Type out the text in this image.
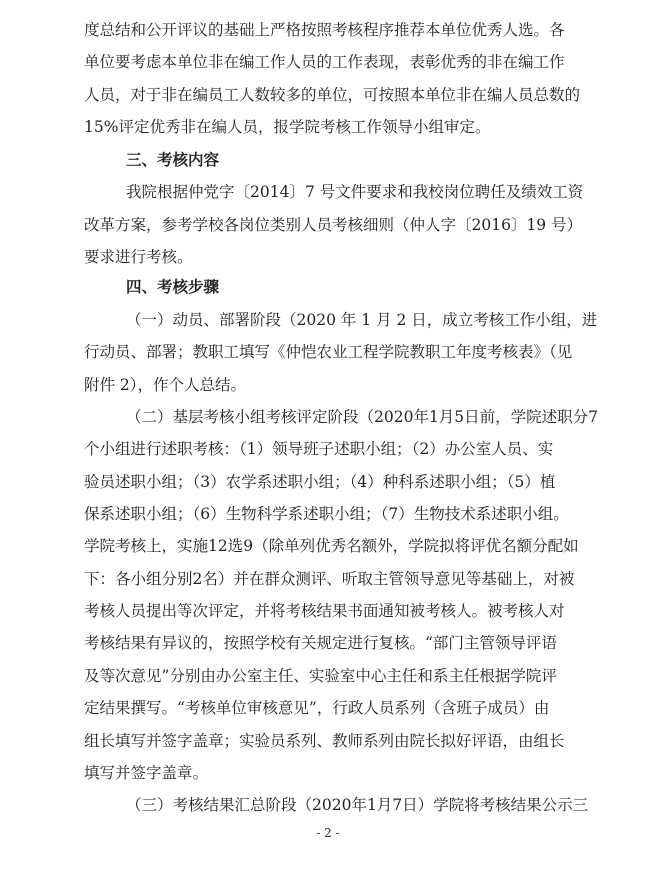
度总结和公开评议的基础上严格按照考核程序推荐本单位优秀人选。各
单位要考虑本单位非在编工作人员的工作表现，表彰优秀的非在编工作
人员，对于非在编员工人数较多的单位，可按照本单位非在编人员总数的
15%评定优秀非在编人员，报学院考核工作领导小组审定。
三、考核内容
我院根据仲党字〔2014〕7 号文件要求和我校岗位聘任及绩效工资
改革方案，参考学校各岗位类别人员考核细则（仲人字〔2016〕19 号）
要求进行考核。
四、考核步骤
（一）动员、部署阶段（2020 年 1 月 2 日，成立考核工作小组，进
行动员、部署；教职工填写《仲恺农业工程学院教职工年度考核表》（见
附件 2），作个人总结。
（二）基层考核小组考核评定阶段（2020年1月5日前，学院述职分7
个小组进行述职考核：（1）领导班子述职小组；（2）办公室人员、实
验员述职小组；（3）农学系述职小组；（4）种科系述职小组；（5）植
保系述职小组；（6）生物科学系述职小组；（7）生物技术系述职小组。
学院考核上，实施12选9（除单列优秀名额外，学院拟将评优名额分配如
下：各小组分别2名）并在群众测评、听取主管领导意见等基础上，对被
考核人员提出等次评定，并将考核结果书面通知被考核人。被考核人对
考核结果有异议的，按照学校有关规定进行复核。“部门主管领导评语
及等次意见”分别由办公室主任、实验室中心主任和系主任根据学院评
定结果撰写。“考核单位审核意见”，行政人员系列（含班子成员）由
组长填写并签字盖章；实验员系列、教师系列由院长拟好评语，由组长
填写并签字盖章。
（三）考核结果汇总阶段（2020年1月7日）学院将考核结果公示三
- 2 -
